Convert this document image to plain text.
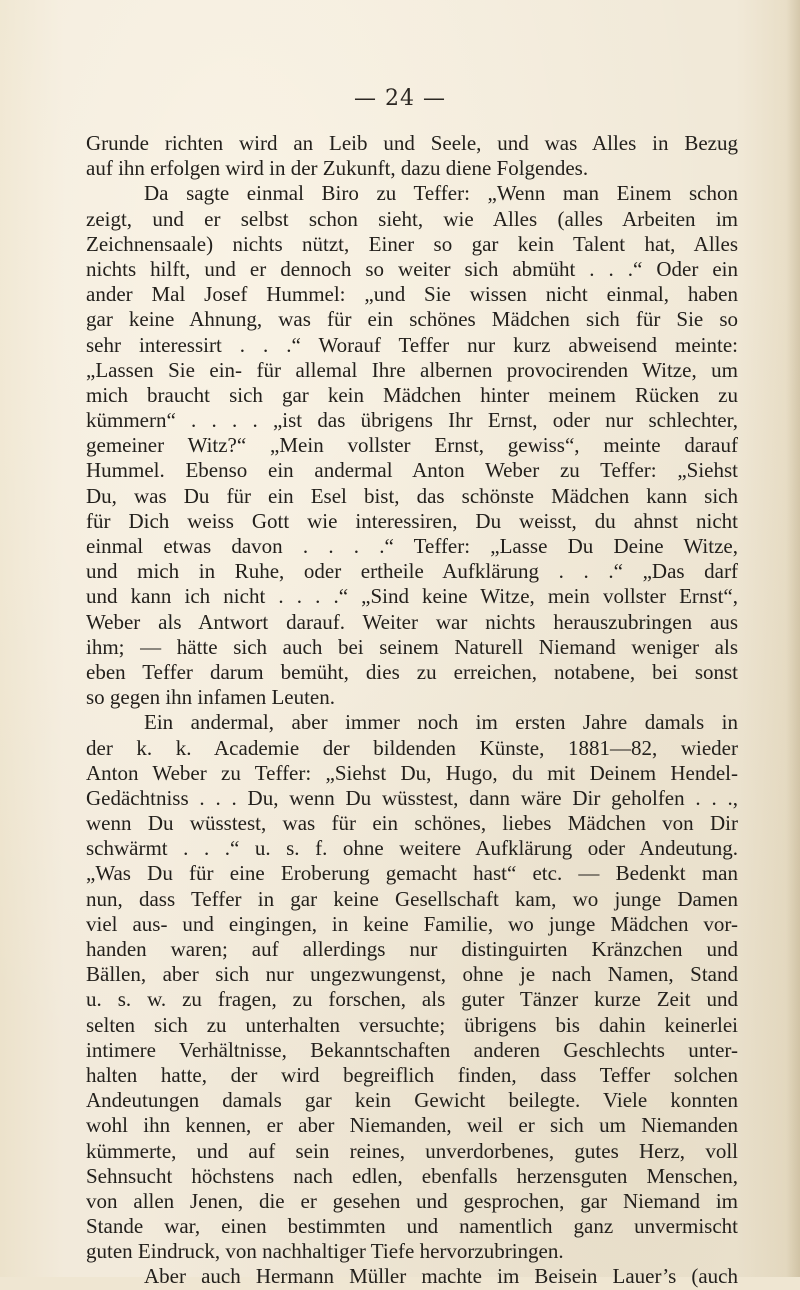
— 24 —
Grunde richten wird an Leib und Seele, und was Alles in Bezug
auf ihn erfolgen wird in der Zukunft, dazu diene Folgendes.
Da sagte einmal Biro zu Teffer: „Wenn man Einem schon
zeigt, und er selbst schon sieht, wie Alles (alles Arbeiten im
Zeichnensaale) nichts nützt, Einer so gar kein Talent hat, Alles
nichts hilft, und er dennoch so weiter sich abmüht . . .“ Oder ein
ander Mal Josef Hummel: „und Sie wissen nicht einmal, haben
gar keine Ahnung, was für ein schönes Mädchen sich für Sie so
sehr interessirt . . .“ Worauf Teffer nur kurz abweisend meinte:
„Lassen Sie ein- für allemal Ihre albernen provocirenden Witze, um
mich braucht sich gar kein Mädchen hinter meinem Rücken zu
kümmern“ . . . . „ist das übrigens Ihr Ernst, oder nur schlechter,
gemeiner Witz?“ „Mein vollster Ernst, gewiss“, meinte darauf
Hummel. Ebenso ein andermal Anton Weber zu Teffer: „Siehst
Du, was Du für ein Esel bist, das schönste Mädchen kann sich
für Dich weiss Gott wie interessiren, Du weisst, du ahnst nicht
einmal etwas davon . . . .“ Teffer: „Lasse Du Deine Witze,
und mich in Ruhe, oder ertheile Aufklärung . . .“ „Das darf
und kann ich nicht . . . .“ „Sind keine Witze, mein vollster Ernst“,
Weber als Antwort darauf. Weiter war nichts herauszubringen aus
ihm; — hätte sich auch bei seinem Naturell Niemand weniger als
eben Teffer darum bemüht, dies zu erreichen, notabene, bei sonst
so gegen ihn infamen Leuten.
Ein andermal, aber immer noch im ersten Jahre damals in
der k. k. Academie der bildenden Künste, 1881—82, wieder
Anton Weber zu Teffer: „Siehst Du, Hugo, du mit Deinem Hendel-
Gedächtniss . . . Du, wenn Du wüsstest, dann wäre Dir geholfen . . .,
wenn Du wüsstest, was für ein schönes, liebes Mädchen von Dir
schwärmt . . .“ u. s. f. ohne weitere Aufklärung oder Andeutung.
„Was Du für eine Eroberung gemacht hast“ etc. — Bedenkt man
nun, dass Teffer in gar keine Gesellschaft kam, wo junge Damen
viel aus- und eingingen, in keine Familie, wo junge Mädchen vor-
handen waren; auf allerdings nur distinguirten Kränzchen und
Bällen, aber sich nur ungezwungenst, ohne je nach Namen, Stand
u. s. w. zu fragen, zu forschen, als guter Tänzer kurze Zeit und
selten sich zu unterhalten versuchte; übrigens bis dahin keinerlei
intimere Verhältnisse, Bekanntschaften anderen Geschlechts unter-
halten hatte, der wird begreiflich finden, dass Teffer solchen
Andeutungen damals gar kein Gewicht beilegte. Viele konnten
wohl ihn kennen, er aber Niemanden, weil er sich um Niemanden
kümmerte, und auf sein reines, unverdorbenes, gutes Herz, voll
Sehnsucht höchstens nach edlen, ebenfalls herzensguten Menschen,
von allen Jenen, die er gesehen und gesprochen, gar Niemand im
Stande war, einen bestimmten und namentlich ganz unvermischt
guten Eindruck, von nachhaltiger Tiefe hervorzubringen.
Aber auch Hermann Müller machte im Beisein Lauer’s (auch
